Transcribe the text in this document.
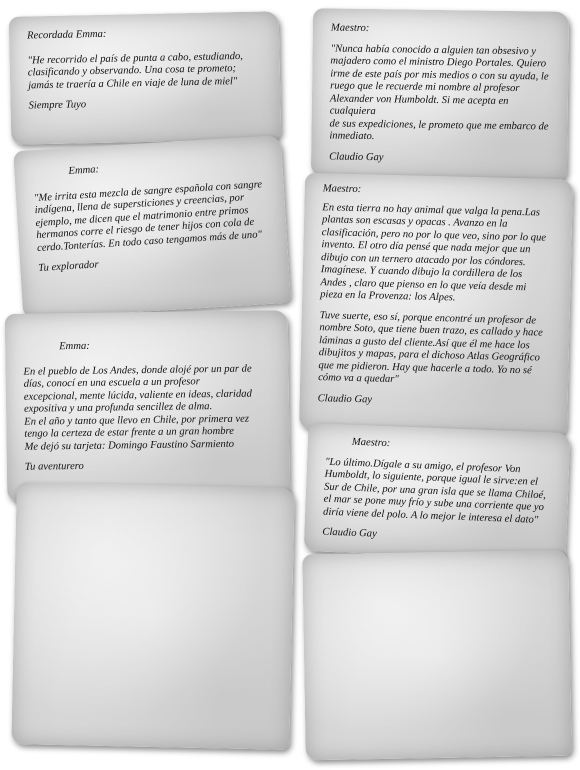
Recordada Emma:

"He recorrido el país de punta a cabo, estudiando,
clasificando y observando. Una cosa te prometo;
jamás te traería a Chile en viaje de luna de miel"

Siempre Tuyo

Emma:

"Me irrita esta mezcla de sangre española con sangre
indígena, llena de supersticiones y creencias, por
ejemplo, me dicen que el matrimonio entre primos
hermanos corre el riesgo de tener hijos con cola de
cerdo.Tonterías. En todo caso tengamos más de uno"

Tu explorador

Emma:

En el pueblo de Los Andes, donde alojé por un par de
días, conocí en una escuela a un profesor
excepcional, mente lúcida, valiente en ideas, claridad
expositiva y una profunda sencillez de alma.
En el año y tanto que llevo en Chile, por primera vez
tengo la certeza de estar frente a un gran hombre
Me dejó su tarjeta: Domingo Faustino Sarmiento

Tu aventurero

Maestro:

"Nunca había conocido a alguien tan obsesivo y
majadero como el ministro Diego Portales. Quiero
irme de este país por mis medios o con su ayuda, le
ruego que le recuerde mi nombre al profesor
Alexander von Humboldt. Si me acepta en cualquiera
de sus expediciones, le prometo que me embarco de
inmediato.

Claudio Gay

Maestro:

En esta tierra no hay animal que valga la pena.Las
plantas son escasas y opacas . Avanzo en la
clasificación, pero no por lo que veo, sino por lo que
invento. El otro día pensé que nada mejor que un
dibujo con un ternero atacado por los cóndores.
Imagínese. Y cuando dibujo la cordillera de los
Andes , claro que pienso en lo que veía desde mi
pieza en la Provenza: los Alpes.

Tuve suerte, eso sí, porque encontré un profesor de
nombre Soto, que tiene buen trazo, es callado y hace
láminas a gusto del cliente.Así que él me hace los
dibujitos y mapas, para el dichoso Atlas Geográfico
que me pidieron. Hay que hacerle a todo. Yo no sé
cómo va a quedar"

Claudio Gay

Maestro:

"Lo último.Dígale a su amigo, el profesor Von
Humboldt, lo siguiente, porque igual le sirve:en el
Sur de Chile, por una gran isla que se llama Chiloé,
el mar se pone muy frío y sube una corriente que yo
diría viene del polo. A lo mejor le interesa el dato"

Claudio Gay
